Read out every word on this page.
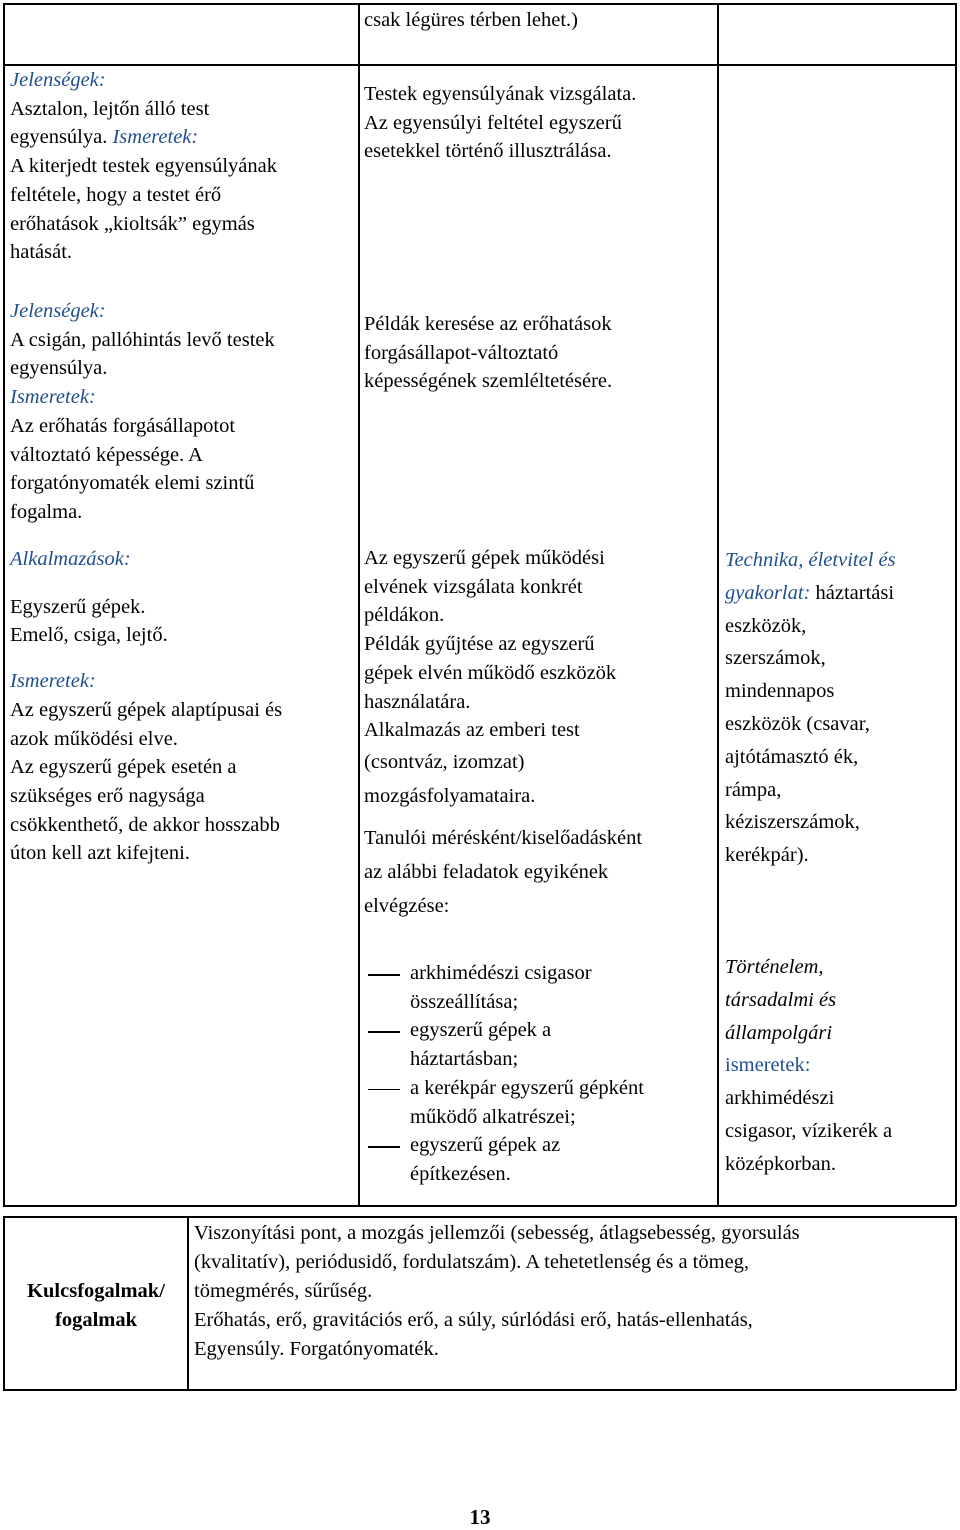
csak légüres térben lehet.)

Jelenségek:

Asztalon, lejtőn álló test

egyensúlya. Ismeretek:

A kiterjedt testek egyensúlyának

feltétele, hogy a testet érő

erőhatások „kioltsák” egymás

hatását.

Testek egyensúlyának vizsgálata.

Az egyensúlyi feltétel egyszerű

esetekkel történő illusztrálása.

Jelenségek:

A csigán, pallóhintás levő testek

egyensúlya.

Ismeretek:

Az erőhatás forgásállapotot

változtató képessége. A

forgatónyomaték elemi szintű

fogalma.

Példák keresése az erőhatások

forgásállapot-változtató

képességének szemléltetésére.

Alkalmazások:

Egyszerű gépek.

Emelő, csiga, lejtő.

Ismeretek:

Az egyszerű gépek alaptípusai és

azok működési elve.

Az egyszerű gépek esetén a

szükséges erő nagysága

csökkenthető, de akkor hosszabb

úton kell azt kifejteni.

Az egyszerű gépek működési

elvének vizsgálata konkrét

példákon.

Példák gyűjtése az egyszerű

gépek elvén működő eszközök

használatára.

Alkalmazás az emberi test

(csontváz, izomzat)

mozgásfolyamataira.

Tanulói mérésként/kiselőadásként

az alábbi feladatok egyikének

elvégzése:

arkhimédészi csigasor
összeállítása;
egyszerű gépek a
háztartásban;
a kerékpár egyszerű gépként
működő alkatrészei;
egyszerű gépek az
építkezésen.

Technika, életvitel és

gyakorlat: háztartási

eszközök,

szerszámok,

mindennapos

eszközök (csavar,

ajtótámasztó ék,

rámpa,

kéziszerszámok,

kerékpár).

Történelem,

társadalmi és

állampolgári

ismeretek:

arkhimédészi

csigasor, vízikerék a

középkorban.

Kulcsfogalmak/

fogalmak

Viszonyítási pont, a mozgás jellemzői (sebesség, átlagsebesség, gyorsulás

(kvalitatív), periódusidő, fordulatszám). A tehetetlenség és a tömeg,

tömegmérés, sűrűség.

Erőhatás, erő, gravitációs erő, a súly, súrlódási erő, hatás-ellenhatás,

Egyensúly. Forgatónyomaték.

13
